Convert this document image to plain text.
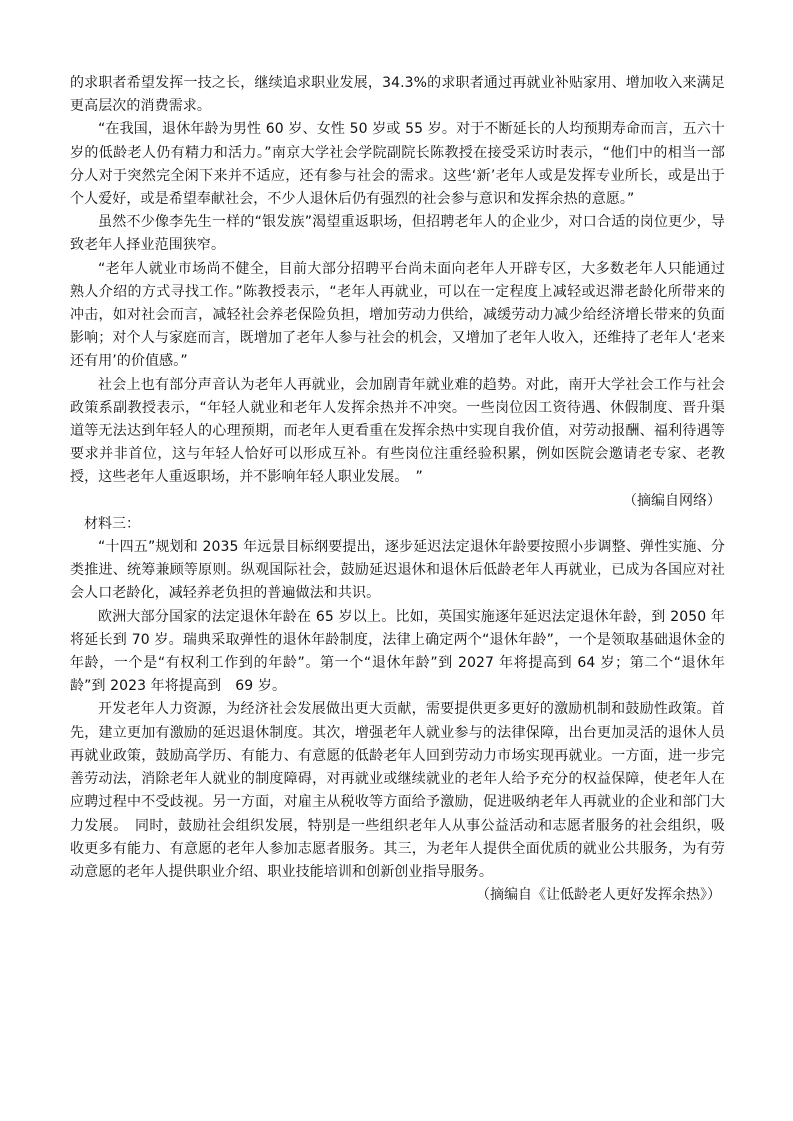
的求职者希望发挥一技之长，继续追求职业发展，34.3%的求职者通过再就业补贴家用、增加收入来满足更高层次的消费需求。

“在我国，退休年龄为男性 60 岁、女性 50 岁或 55 岁。对于不断延长的人均预期寿命而言，五六十岁的低龄老人仍有精力和活力。”南京大学社会学院副院长陈教授在接受采访时表示，“他们中的相当一部分人对于突然完全闲下来并不适应，还有参与社会的需求。这些‘新’老年人或是发挥专业所长，或是出于个人爱好，或是希望奉献社会，不少人退休后仍有强烈的社会参与意识和发挥余热的意愿。”

虽然不少像李先生一样的“银发族”渴望重返职场，但招聘老年人的企业少，对口合适的岗位更少，导致老年人择业范围狭窄。

“老年人就业市场尚不健全，目前大部分招聘平台尚未面向老年人开辟专区，大多数老年人只能通过熟人介绍的方式寻找工作。”陈教授表示，“老年人再就业，可以在一定程度上减轻或迟滞老龄化所带来的冲击，如对社会而言，减轻社会养老保险负担，增加劳动力供给，减缓劳动力减少给经济增长带来的负面影响；对个人与家庭而言，既增加了老年人参与社会的机会，又增加了老年人收入，还维持了老年人‘老来还有用’的价值感。”

社会上也有部分声音认为老年人再就业，会加剧青年就业难的趋势。对此，南开大学社会工作与社会政策系副教授表示，“年轻人就业和老年人发挥余热并不冲突。一些岗位因工资待遇、休假制度、晋升渠道等无法达到年轻人的心理预期，而老年人更看重在发挥余热中实现自我价值，对劳动报酬、福利待遇等要求并非首位，这与年轻人恰好可以形成互补。有些岗位注重经验积累，例如医院会邀请老专家、老教授，这些老年人重返职场，并不影响年轻人职业发展。　”

（摘编自网络）

材料三：

“十四五”规划和 2035 年远景目标纲要提出，逐步延迟法定退休年龄要按照小步调整、弹性实施、分类推进、统筹兼顾等原则。纵观国际社会，鼓励延迟退休和退休后低龄老年人再就业，已成为各国应对社会人口老龄化，减轻养老负担的普遍做法和共识。

欧洲大部分国家的法定退休年龄在 65 岁以上。比如，英国实施逐年延迟法定退休年龄，到 2050 年将延长到 70 岁。瑞典采取弹性的退休年龄制度，法律上确定两个“退休年龄”，一个是领取基础退休金的年龄，一个是“有权利工作到的年龄”。第一个“退休年龄”到 2027 年将提高到 64 岁；第二个“退休年龄”到 2023 年将提高到　69 岁。

开发老年人力资源，为经济社会发展做出更大贡献，需要提供更多更好的激励机制和鼓励性政策。首先，建立更加有激励的延迟退休制度。其次，增强老年人就业参与的法律保障，出台更加灵活的退休人员再就业政策，鼓励高学历、有能力、有意愿的低龄老年人回到劳动力市场实现再就业。一方面，进一步完善劳动法，消除老年人就业的制度障碍，对再就业或继续就业的老年人给予充分的权益保障，使老年人在应聘过程中不受歧视。另一方面，对雇主从税收等方面给予激励，促进吸纳老年人再就业的企业和部门大力发展。　同时，鼓励社会组织发展，特别是一些组织老年人从事公益活动和志愿者服务的社会组织，吸收更多有能力、有意愿的老年人参加志愿者服务。其三，为老年人提供全面优质的就业公共服务，为有劳动意愿的老年人提供职业介绍、职业技能培训和创新创业指导服务。

（摘编自《让低龄老人更好发挥余热》）
